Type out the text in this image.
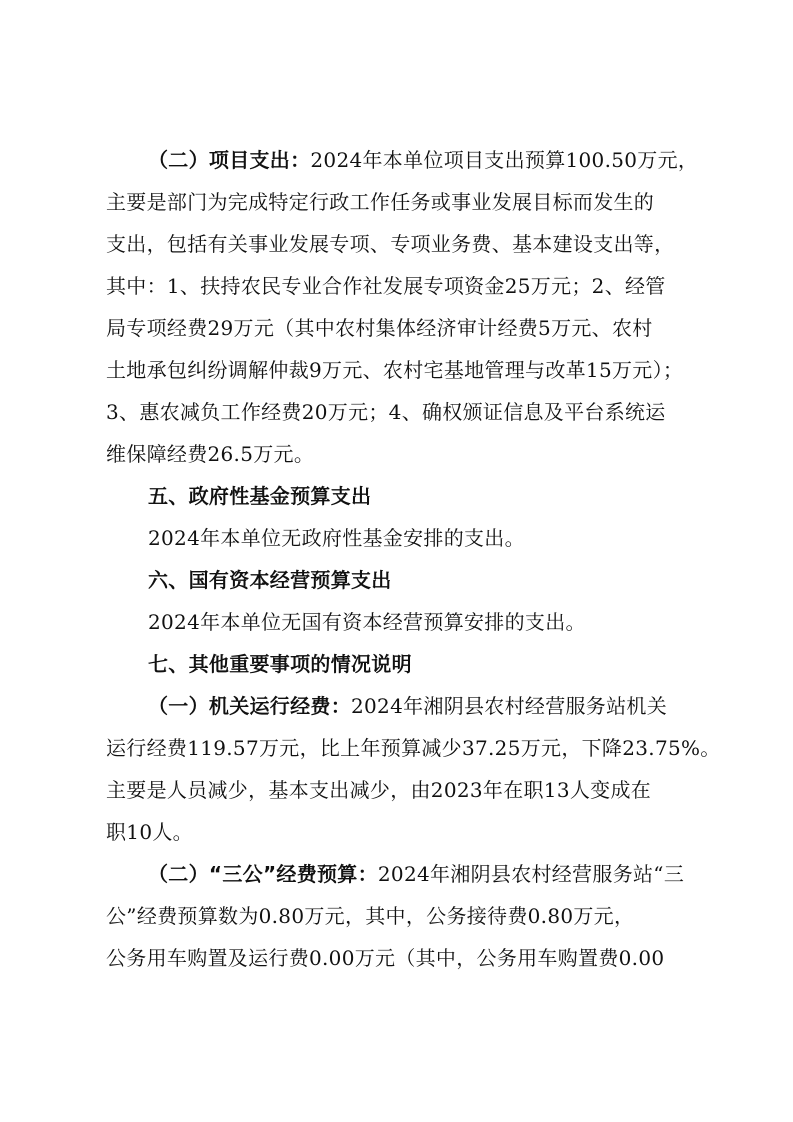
（二）项目支出：2024年本单位项目支出预算100.50万元，
主要是部门为完成特定行政工作任务或事业发展目标而发生的
支出，包括有关事业发展专项、专项业务费、基本建设支出等，
其中：1、扶持农民专业合作社发展专项资金25万元；2、经管
局专项经费29万元（其中农村集体经济审计经费5万元、农村
土地承包纠纷调解仲裁9万元、农村宅基地管理与改革15万元）；
3、惠农减负工作经费20万元；4、确权颁证信息及平台系统运
维保障经费26.5万元。
五、政府性基金预算支出
2024年本单位无政府性基金安排的支出。
六、国有资本经营预算支出
2024年本单位无国有资本经营预算安排的支出。
七、其他重要事项的情况说明
（一）机关运行经费：2024年湘阴县农村经营服务站机关
运行经费119.57万元，比上年预算减少37.25万元，下降23.75%。
主要是人员减少，基本支出减少，由2023年在职13人变成在
职10人。
（二）“三公”经费预算：2024年湘阴县农村经营服务站“三
公”经费预算数为0.80万元，其中，公务接待费0.80万元，
公务用车购置及运行费0.00万元（其中，公务用车购置费0.00
